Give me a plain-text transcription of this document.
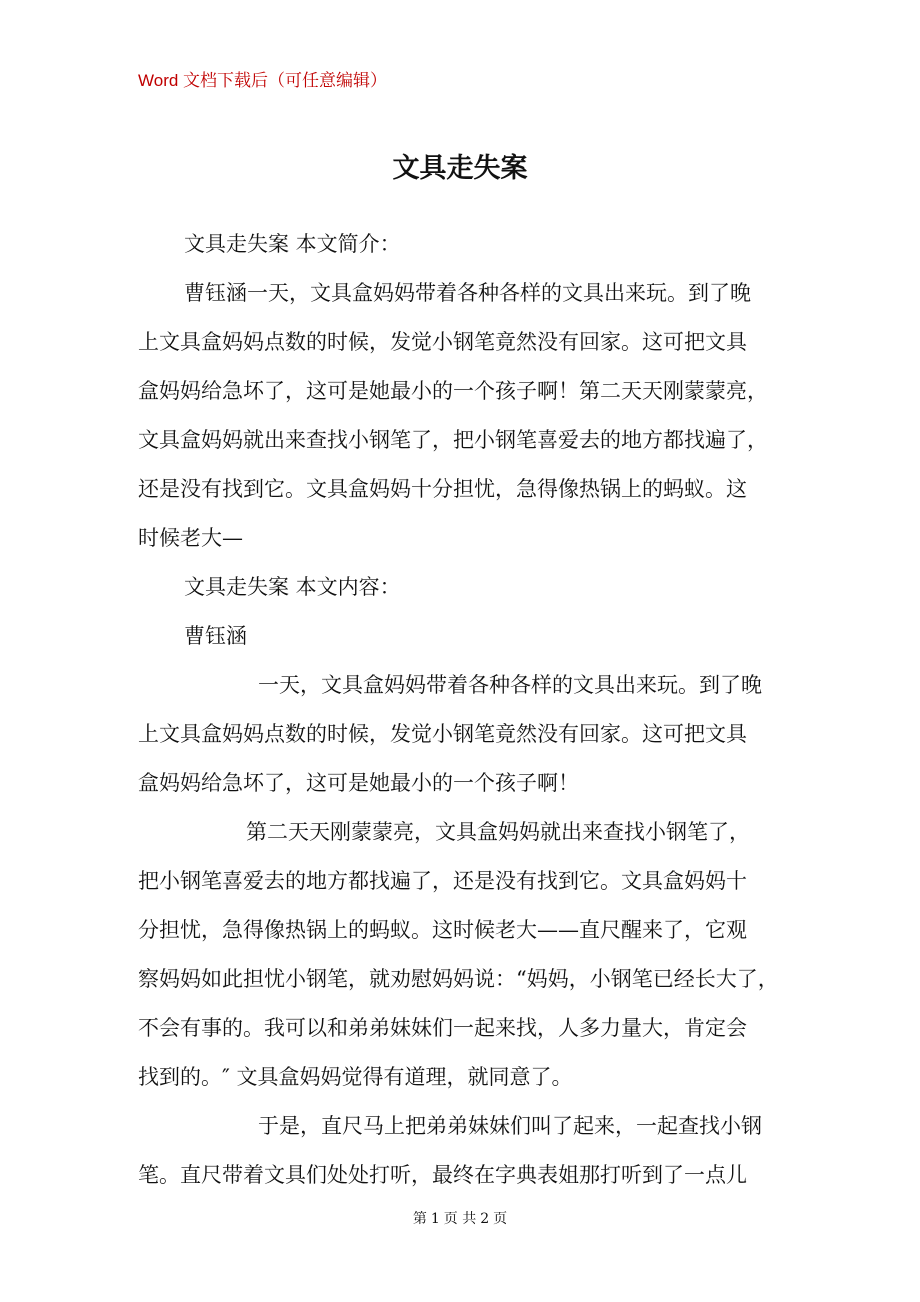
Word 文档下载后（可任意编辑）
文具走失案
文具走失案 本文简介：
曹钰涵一天，文具盒妈妈带着各种各样的文具出来玩。到了晚
上文具盒妈妈点数的时候，发觉小钢笔竟然没有回家。这可把文具
盒妈妈给急坏了，这可是她最小的一个孩子啊！第二天天刚蒙蒙亮，
文具盒妈妈就出来查找小钢笔了，把小钢笔喜爱去的地方都找遍了，
还是没有找到它。文具盒妈妈十分担忧，急得像热锅上的蚂蚁。这
时候老大—
文具走失案 本文内容：
曹钰涵
一天，文具盒妈妈带着各种各样的文具出来玩。到了晚
上文具盒妈妈点数的时候，发觉小钢笔竟然没有回家。这可把文具
盒妈妈给急坏了，这可是她最小的一个孩子啊！
第二天天刚蒙蒙亮，文具盒妈妈就出来查找小钢笔了，
把小钢笔喜爱去的地方都找遍了，还是没有找到它。文具盒妈妈十
分担忧，急得像热锅上的蚂蚁。这时候老大——直尺醒来了，它观
察妈妈如此担忧小钢笔，就劝慰妈妈说：“妈妈，小钢笔已经长大了，
不会有事的。我可以和弟弟妹妹们一起来找，人多力量大，肯定会
找到的。″ 文具盒妈妈觉得有道理，就同意了。
于是，直尺马上把弟弟妹妹们叫了起来，一起查找小钢
笔。直尺带着文具们处处打听，最终在字典表姐那打听到了一点儿
第 1 页 共 2 页
